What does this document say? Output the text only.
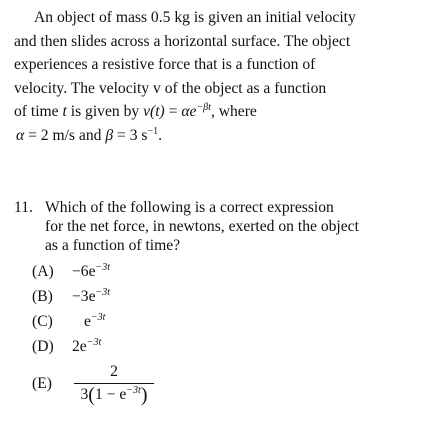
An object of mass 0.5 kg is given an initial velocity
and then slides across a horizontal surface. The object
experiences a resistive force that is a function of
velocity. The velocity v of the object as a function
of time t is given by $v(t) = \alpha e^{-\beta t}$, where
α = 2 m/s and β = 3 $s^{-1}$.
11. Which of the following is a correct expression
for the net force, in newtons, exerted on the object
as a function of time?
$(A) -6e^{-3t}$
$(B) -3e^{-3t}$
(C) $e^{-3t}$
(D) $2e^{-3t}$
(E)
2
$3(1 - e^{-3t})$
